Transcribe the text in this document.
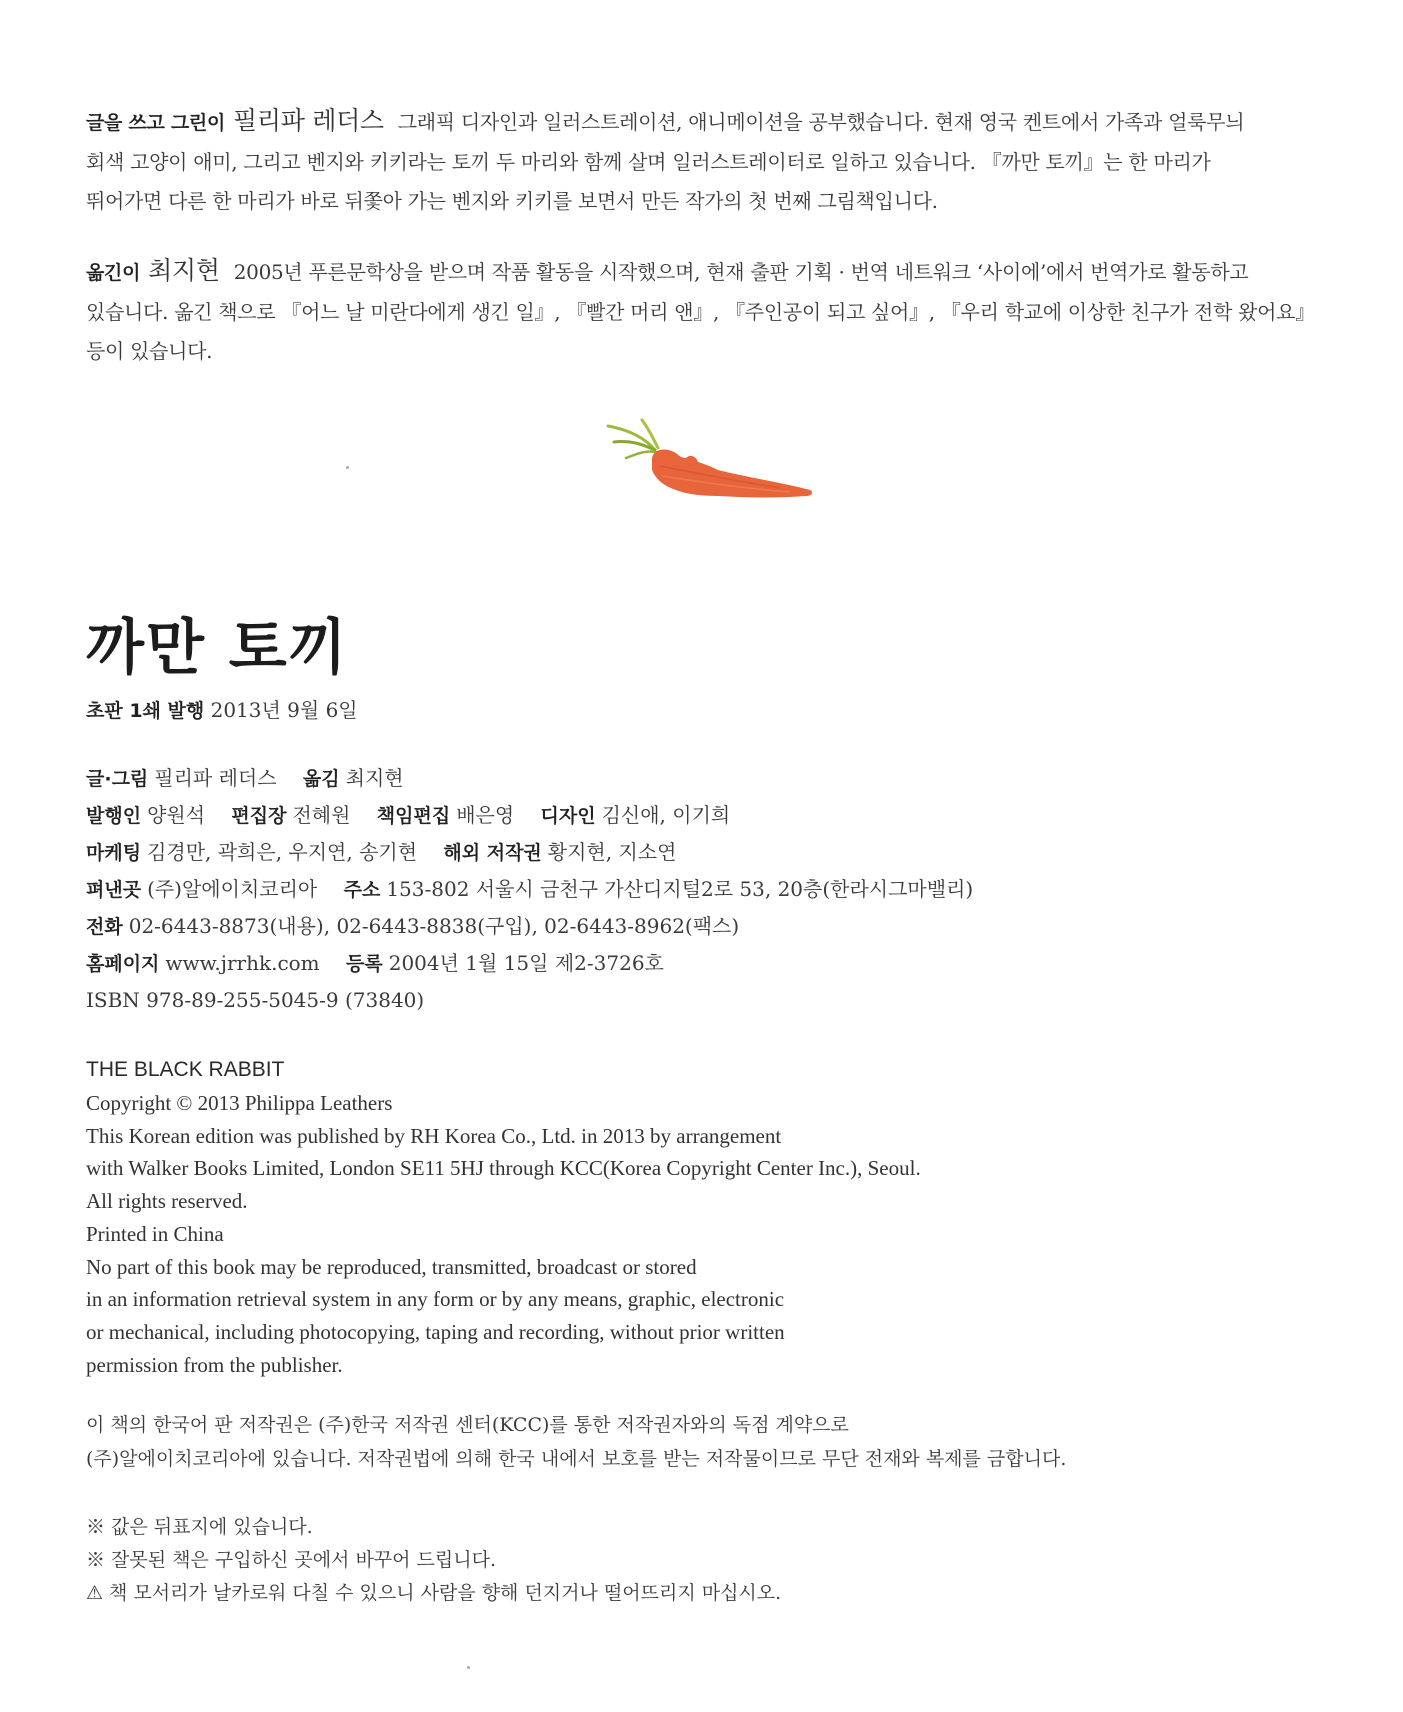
글을 쓰고 그린이 필리파 레더스 그래픽 디자인과 일러스트레이션, 애니메이션을 공부했습니다. 현재 영국 켄트에서 가족과 얼룩무늬

회색 고양이 애미, 그리고 벤지와 키키라는 토끼 두 마리와 함께 살며 일러스트레이터로 일하고 있습니다. 『까만 토끼』는 한 마리가

뛰어가면 다른 한 마리가 바로 뒤쫓아 가는 벤지와 키키를 보면서 만든 작가의 첫 번째 그림책입니다.

옮긴이 최지현 2005년 푸른문학상을 받으며 작품 활동을 시작했으며, 현재 출판 기획 · 번역 네트워크 ‘사이에’에서 번역가로 활동하고

있습니다. 옮긴 책으로 『어느 날 미란다에게 생긴 일』, 『빨간 머리 앤』, 『주인공이 되고 싶어』, 『우리 학교에 이상한 친구가 전학 왔어요』

등이 있습니다.

까만 토끼
초판 1쇄 발행 2013년 9월 6일
글·그림 필리파 레더스 옮김 최지현
발행인 양원석 편집장 전혜원 책임편집 배은영 디자인 김신애, 이기희
마케팅 김경만, 곽희은, 우지연, 송기현 해외 저작권 황지현, 지소연
펴낸곳 (주)알에이치코리아 주소 153-802 서울시 금천구 가산디지털2로 53, 20층(한라시그마밸리)
전화 02-6443-8873(내용), 02-6443-8838(구입), 02-6443-8962(팩스)
홈페이지 www.jrrhk.com 등록 2004년 1월 15일 제2-3726호
ISBN 978-89-255-5045-9 (73840)
THE BLACK RABBIT
Copyright © 2013 Philippa Leathers
This Korean edition was published by RH Korea Co., Ltd. in 2013 by arrangement
with Walker Books Limited, London SE11 5HJ through KCC(Korea Copyright Center Inc.), Seoul.
All rights reserved.
Printed in China
No part of this book may be reproduced, transmitted, broadcast or stored
in an information retrieval system in any form or by any means, graphic, electronic
or mechanical, including photocopying, taping and recording, without prior written
permission from the publisher.
이 책의 한국어 판 저작권은 (주)한국 저작권 센터(KCC)를 통한 저작권자와의 독점 계약으로
(주)알에이치코리아에 있습니다. 저작권법에 의해 한국 내에서 보호를 받는 저작물이므로 무단 전재와 복제를 금합니다.
※ 값은 뒤표지에 있습니다.
※ 잘못된 책은 구입하신 곳에서 바꾸어 드립니다.
⚠ 책 모서리가 날카로워 다칠 수 있으니 사람을 향해 던지거나 떨어뜨리지 마십시오.
